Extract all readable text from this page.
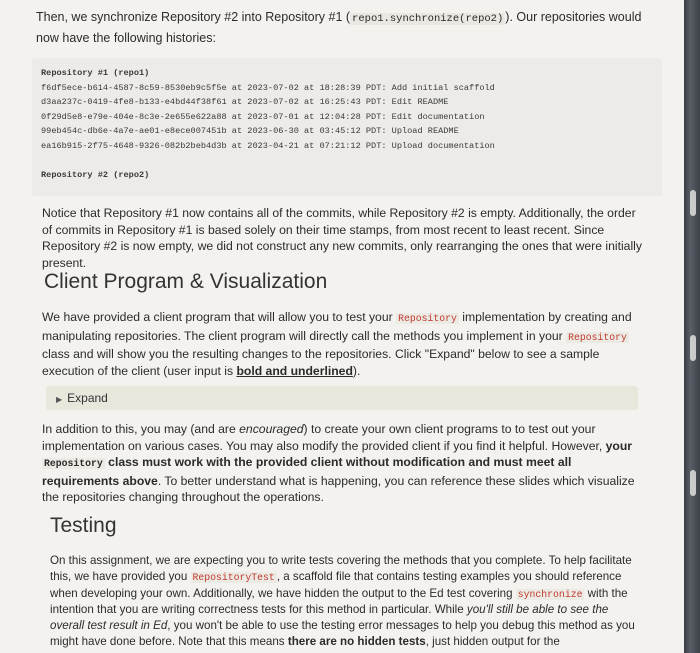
Then, we synchronize Repository #2 into Repository #1 ( repo1.synchronize(repo2) ). Our repositories would now have the following histories:

Repository #1 (repo1)
f6df5ece-b614-4587-8c59-8530eb9c5f5e at 2023-07-02 at 18:28:39 PDT: Add initial scaffold
d3aa237c-0419-4fe8-b133-e4bd44f38f61 at 2023-07-02 at 16:25:43 PDT: Edit README
0f29d5e8-e79e-404e-8c3e-2e655e622a88 at 2023-07-01 at 12:04:28 PDT: Edit documentation
99eb454c-db6e-4a7e-ae01-e8ece007451b at 2023-06-30 at 03:45:12 PDT: Upload README
ea16b915-2f75-4648-9326-082b2beb4d3b at 2023-04-21 at 07:21:12 PDT: Upload documentation

Repository #2 (repo2)

Notice that Repository #1 now contains all of the commits, while Repository #2 is empty. Additionally, the order of commits in Repository #1 is based solely on their time stamps, from most recent to least recent. Since Repository #2 is now empty, we did not construct any new commits, only rearranging the ones that were initially present.

Client Program & Visualization

We have provided a client program that will allow you to test your Repository implementation by creating and manipulating repositories. The client program will directly call the methods you implement in your Repository class and will show you the resulting changes to the repositories. Click "Expand" below to see a sample execution of the client (user input is bold and underlined).

▶ Expand

In addition to this, you may (and are encouraged) to create your own client programs to to test out your implementation on various cases. You may also modify the provided client if you find it helpful. However, your Repository class must work with the provided client without modification and must meet all requirements above. To better understand what is happening, you can reference these slides which visualize the repositories changing throughout the operations.

Testing

On this assignment, we are expecting you to write tests covering the methods that you complete. To help facilitate this, we have provided you RepositoryTest , a scaffold file that contains testing examples you should reference when developing your own. Additionally, we have hidden the output to the Ed test covering synchronize with the intention that you are writing correctness tests for this method in particular. While you'll still be able to see the overall test result in Ed, you won't be able to use the testing error messages to help you debug this method as you might have done before. Note that this means there are no hidden tests, just hidden output for the
